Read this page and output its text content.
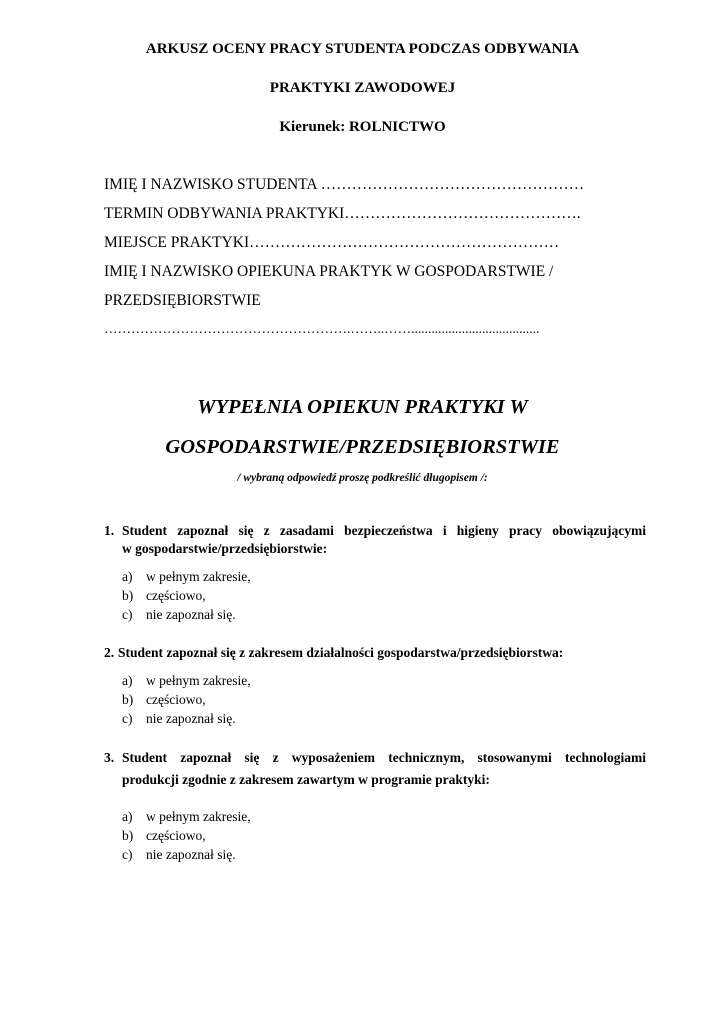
ARKUSZ OCENY PRACY STUDENTA PODCZAS ODBYWANIA
PRAKTYKI ZAWODOWEJ
Kierunek: ROLNICTWO
IMIĘ I NAZWISKO STUDENTA ……………………………………………
TERMIN ODBYWANIA PRAKTYKI……………………………………….
MIEJSCE PRAKTYKI……………………………………………………
IMIĘ I NAZWISKO OPIEKUNA PRAKTYK W GOSPODARSTWIE /
PRZEDSIĘBIORSTWIE
……………………………………………….……..……......................................
WYPEŁNIA OPIEKUN PRAKTYKI W
GOSPODARSTWIE/PRZEDSIĘBIORSTWIE
/ wybraną odpowiedź proszę podkreślić długopisem /:
1. Student zapoznał się z zasadami bezpieczeństwa i higieny pracy obowiązującymi
w gospodarstwie/przedsiębiorstwie:
a) w pełnym zakresie,
b) częściowo,
c) nie zapoznał się.
2. Student zapoznał się z zakresem działalności gospodarstwa/przedsiębiorstwa:
a) w pełnym zakresie,
b) częściowo,
c) nie zapoznał się.
3. Student zapoznał się z wyposażeniem technicznym, stosowanymi technologiami
produkcji zgodnie z zakresem zawartym w programie praktyki:
a) w pełnym zakresie,
b) częściowo,
c) nie zapoznał się.
